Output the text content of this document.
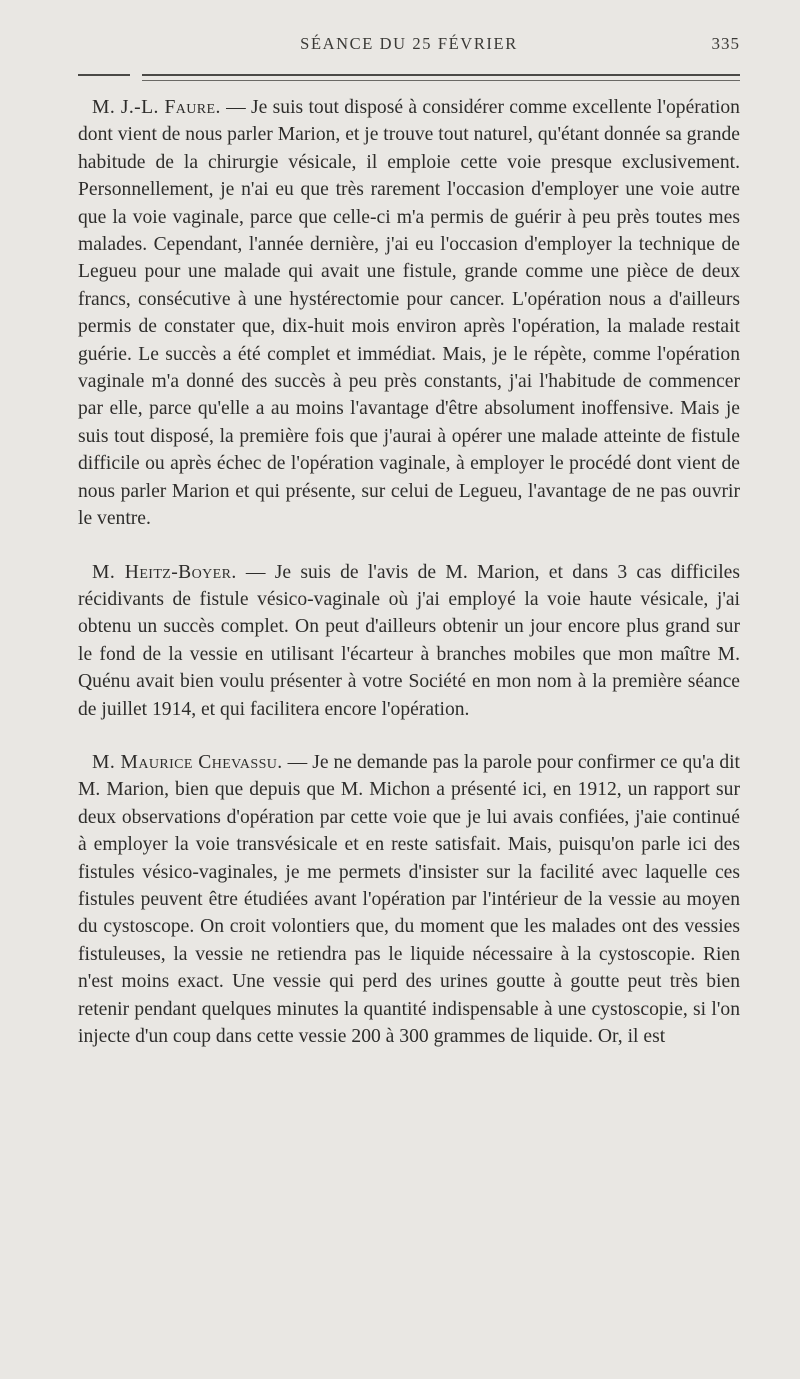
SÉANCE DU 25 FÉVRIER	335

M. J.-L. Faure. — Je suis tout disposé à considérer comme excellente l'opération dont vient de nous parler Marion, et je trouve tout naturel, qu'étant donnée sa grande habitude de la chirurgie vésicale, il emploie cette voie presque exclusivement. Personnellement, je n'ai eu que très rarement l'occasion d'employer une voie autre que la voie vaginale, parce que celle-ci m'a permis de guérir à peu près toutes mes malades. Cependant, l'année dernière, j'ai eu l'occasion d'employer la technique de Legueu pour une malade qui avait une fistule, grande comme une pièce de deux francs, consécutive à une hystérectomie pour cancer. L'opération nous a d'ailleurs permis de constater que, dix-huit mois environ après l'opération, la malade restait guérie. Le succès a été complet et immédiat. Mais, je le répète, comme l'opération vaginale m'a donné des succès à peu près constants, j'ai l'habitude de commencer par elle, parce qu'elle a au moins l'avantage d'être absolument inoffensive. Mais je suis tout disposé, la première fois que j'aurai à opérer une malade atteinte de fistule difficile ou après échec de l'opération vaginale, à employer le procédé dont vient de nous parler Marion et qui présente, sur celui de Legueu, l'avantage de ne pas ouvrir le ventre.

M. Heitz-Boyer. — Je suis de l'avis de M. Marion, et dans 3 cas difficiles récidivants de fistule vésico-vaginale où j'ai employé la voie haute vésicale, j'ai obtenu un succès complet. On peut d'ailleurs obtenir un jour encore plus grand sur le fond de la vessie en utilisant l'écarteur à branches mobiles que mon maître M. Quénu avait bien voulu présenter à votre Société en mon nom à la première séance de juillet 1914, et qui facilitera encore l'opération.

M. Maurice Chevassu. — Je ne demande pas la parole pour confirmer ce qu'a dit M. Marion, bien que depuis que M. Michon a présenté ici, en 1912, un rapport sur deux observations d'opération par cette voie que je lui avais confiées, j'aie continué à employer la voie transvésicale et en reste satisfait. Mais, puisqu'on parle ici des fistules vésico-vaginales, je me permets d'insister sur la facilité avec laquelle ces fistules peuvent être étudiées avant l'opération par l'intérieur de la vessie au moyen du cystoscope. On croit volontiers que, du moment que les malades ont des vessies fistuleuses, la vessie ne retiendra pas le liquide nécessaire à la cystoscopie. Rien n'est moins exact. Une vessie qui perd des urines goutte à goutte peut très bien retenir pendant quelques minutes la quantité indispensable à une cystoscopie, si l'on injecte d'un coup dans cette vessie 200 à 300 grammes de liquide. Or, il est
